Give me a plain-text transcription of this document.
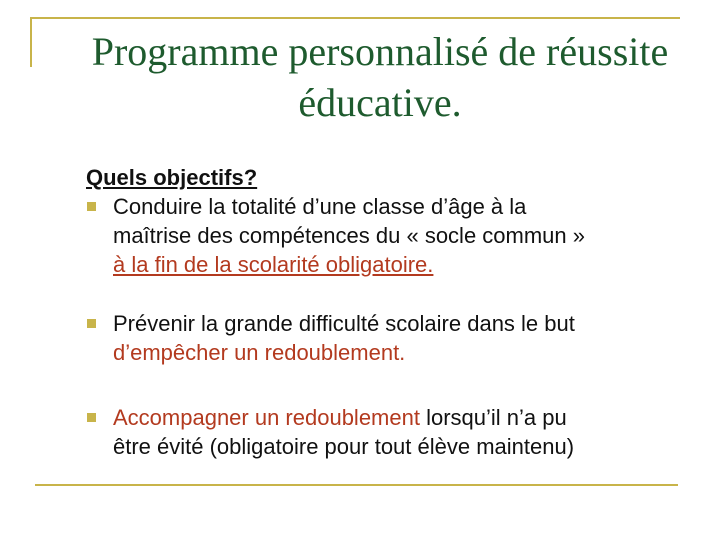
Programme personnalisé de réussite
éducative.
Quels objectifs?
Conduire la totalité d’une classe d’âge à la
maîtrise des compétences du « socle commun »
à la fin de la scolarité obligatoire.
Prévenir la grande difficulté scolaire dans le but
d’empêcher un redoublement.
Accompagner un redoublement lorsqu’il n’a pu
être évité (obligatoire pour tout élève maintenu)
